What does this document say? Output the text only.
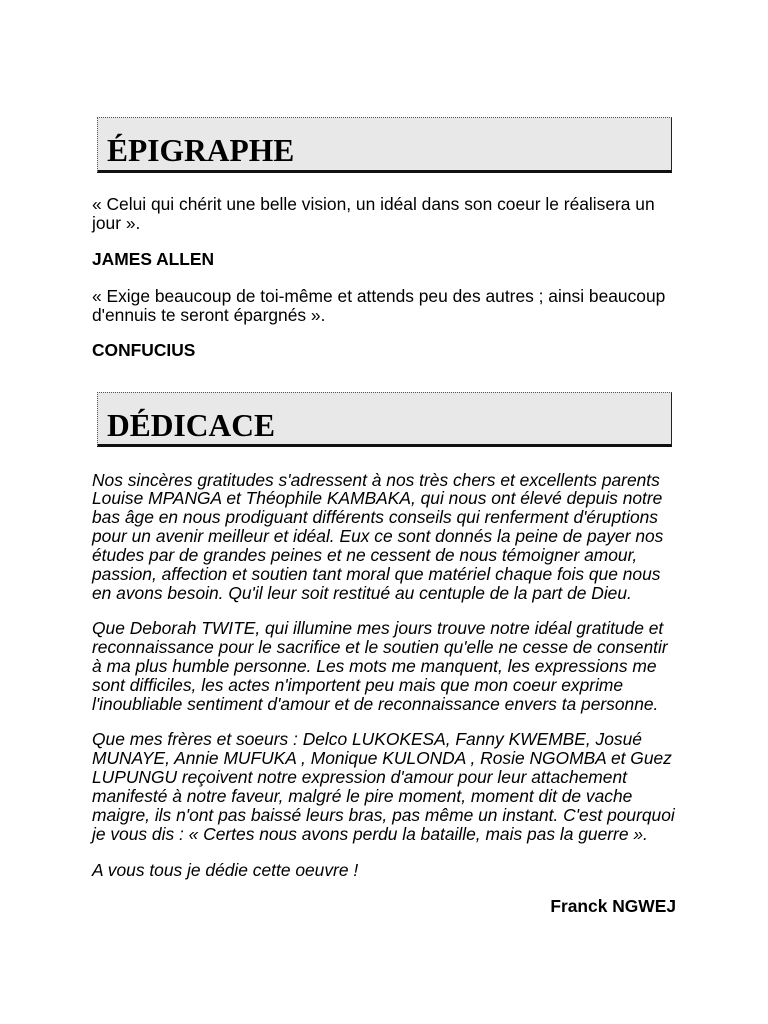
ÉPIGRAPHE
« Celui qui chérit une belle vision, un idéal dans son coeur le réalisera un
jour ».
JAMES ALLEN
« Exige beaucoup de toi-même et attends peu des autres ; ainsi beaucoup
d'ennuis te seront épargnés ».
CONFUCIUS
DÉDICACE
Nos sincères gratitudes s'adressent à nos très chers et excellents parents
Louise MPANGA et Théophile KAMBAKA, qui nous ont élevé depuis notre
bas âge en nous prodiguant différents conseils qui renferment d'éruptions
pour un avenir meilleur et idéal. Eux ce sont donnés la peine de payer nos
études par de grandes peines et ne cessent de nous témoigner amour,
passion, affection et soutien tant moral que matériel chaque fois que nous
en avons besoin. Qu'il leur soit restitué au centuple de la part de Dieu.
Que Deborah TWITE, qui illumine mes jours trouve notre idéal gratitude et
reconnaissance pour le sacrifice et le soutien qu'elle ne cesse de consentir
à ma plus humble personne. Les mots me manquent, les expressions me
sont difficiles, les actes n'importent peu mais que mon coeur exprime
l'inoubliable sentiment d'amour et de reconnaissance envers ta personne.
Que mes frères et soeurs : Delco LUKOKESA, Fanny KWEMBE, Josué
MUNAYE, Annie MUFUKA , Monique KULONDA , Rosie NGOMBA et Guez
LUPUNGU reçoivent notre expression d'amour pour leur attachement
manifesté à notre faveur, malgré le pire moment, moment dit de vache
maigre, ils n'ont pas baissé leurs bras, pas même un instant. C'est pourquoi
je vous dis : « Certes nous avons perdu la bataille, mais pas la guerre ».
A vous tous je dédie cette oeuvre !
Franck NGWEJ
